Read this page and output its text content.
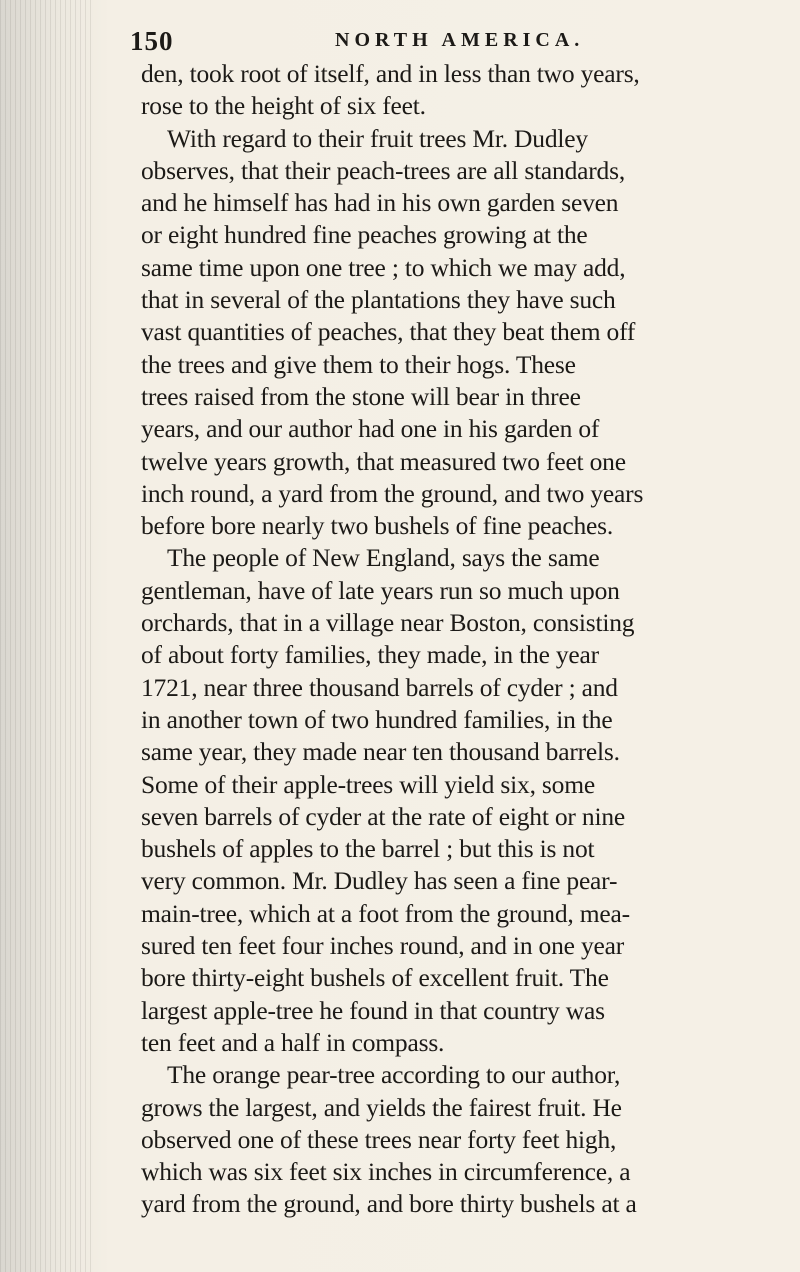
150	NORTH AMERICA.
den, took root of itself, and in less than two years,
rose to the height of six feet.
With regard to their fruit trees Mr. Dudley
observes, that their peach-trees are all standards,
and he himself has had in his own garden seven
or eight hundred fine peaches growing at the
same time upon one tree ; to which we may add,
that in several of the plantations they have such
vast quantities of peaches, that they beat them off
the trees and give them to their hogs. These
trees raised from the stone will bear in three
years, and our author had one in his garden of
twelve years growth, that measured two feet one
inch round, a yard from the ground, and two years
before bore nearly two bushels of fine peaches.
The people of New England, says the same
gentleman, have of late years run so much upon
orchards, that in a village near Boston, consisting
of about forty families, they made, in the year
1721, near three thousand barrels of cyder ; and
in another town of two hundred families, in the
same year, they made near ten thousand barrels.
Some of their apple-trees will yield six, some
seven barrels of cyder at the rate of eight or nine
bushels of apples to the barrel ; but this is not
very common. Mr. Dudley has seen a fine pear-
main-tree, which at a foot from the ground, mea-
sured ten feet four inches round, and in one year
bore thirty-eight bushels of excellent fruit. The
largest apple-tree he found in that country was
ten feet and a half in compass.
The orange pear-tree according to our author,
grows the largest, and yields the fairest fruit. He
observed one of these trees near forty feet high,
which was six feet six inches in circumference, a
yard from the ground, and bore thirty bushels at a
